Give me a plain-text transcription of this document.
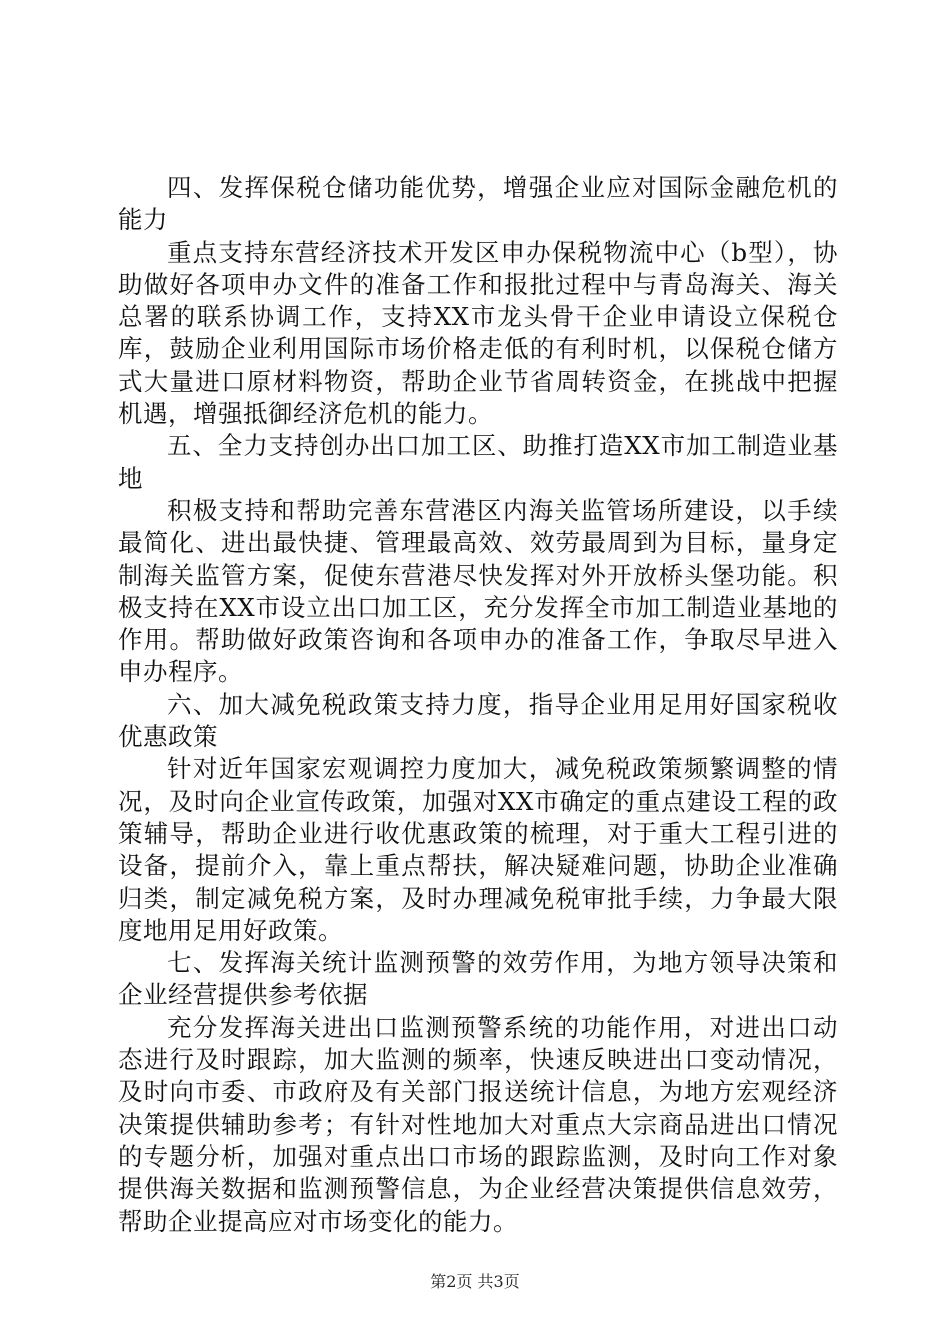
四、发挥保税仓储功能优势，增强企业应对国际金融危机的能力

重点支持东营经济技术开发区申办保税物流中心（b型），协助做好各项申办文件的准备工作和报批过程中与青岛海关、海关总署的联系协调工作，支持XX市龙头骨干企业申请设立保税仓库，鼓励企业利用国际市场价格走低的有利时机，以保税仓储方式大量进口原材料物资，帮助企业节省周转资金，在挑战中把握机遇，增强抵御经济危机的能力。

五、全力支持创办出口加工区、助推打造XX市加工制造业基地

积极支持和帮助完善东营港区内海关监管场所建设，以手续最简化、进出最快捷、管理最高效、效劳最周到为目标，量身定制海关监管方案，促使东营港尽快发挥对外开放桥头堡功能。积极支持在XX市设立出口加工区，充分发挥全市加工制造业基地的作用。帮助做好政策咨询和各项申办的准备工作，争取尽早进入申办程序。

六、加大减免税政策支持力度，指导企业用足用好国家税收优惠政策

针对近年国家宏观调控力度加大，减免税政策频繁调整的情况，及时向企业宣传政策，加强对XX市确定的重点建设工程的政策辅导，帮助企业进行收优惠政策的梳理，对于重大工程引进的设备，提前介入，靠上重点帮扶，解决疑难问题，协助企业准确归类，制定减免税方案，及时办理减免税审批手续，力争最大限度地用足用好政策。

七、发挥海关统计监测预警的效劳作用，为地方领导决策和企业经营提供参考依据

充分发挥海关进出口监测预警系统的功能作用，对进出口动态进行及时跟踪，加大监测的频率，快速反映进出口变动情况，及时向市委、市政府及有关部门报送统计信息，为地方宏观经济决策提供辅助参考；有针对性地加大对重点大宗商品进出口情况的专题分析，加强对重点出口市场的跟踪监测，及时向工作对象提供海关数据和监测预警信息，为企业经营决策提供信息效劳，帮助企业提高应对市场变化的能力。

第2页 共3页
